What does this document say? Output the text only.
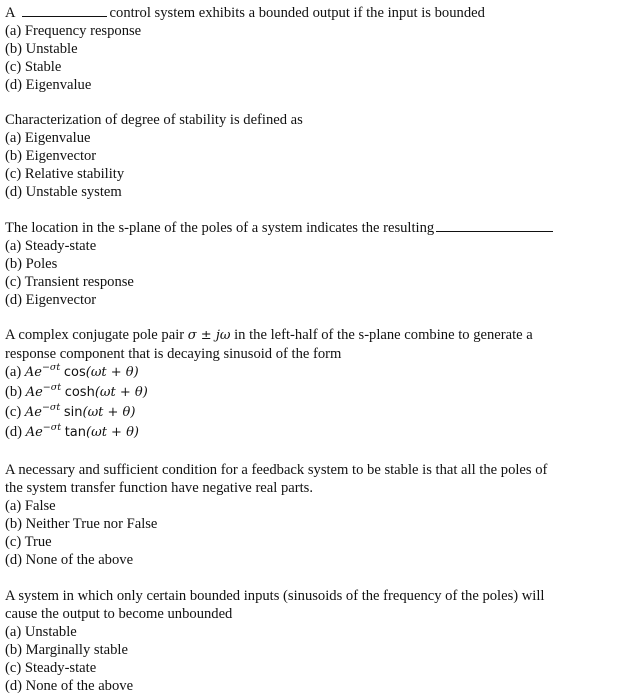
A	control system exhibits a bounded output if the input is bounded
(a) Frequency response
(b) Unstable
(c) Stable
(d) Eigenvalue
Characterization of degree of stability is defined as
(a) Eigenvalue
(b) Eigenvector
(c) Relative stability
(d) Unstable system
The location in the s-plane of the poles of a system indicates the resulting
(a) Steady-state
(b) Poles
(c) Transient response
(d) Eigenvector
A complex conjugate pole pair σ ± jω in the left-half of the s-plane combine to generate a
response component that is decaying sinusoid of the form
(a) $Ae^{-\sigma t}$ cos(ωt + θ)
(b) $Ae^{-\sigma t}$ cosh(ωt + θ)
(c) $Ae^{-\sigma t}$ sin(ωt + θ)
(d) $Ae^{-\sigma t}$ tan(ωt + θ)
A necessary and sufficient condition for a feedback system to be stable is that all the poles of
the system transfer function have negative real parts.
(a) False
(b) Neither True nor False
(c) True
(d) None of the above
A system in which only certain bounded inputs (sinusoids of the frequency of the poles) will
cause the output to become unbounded
(a) Unstable
(b) Marginally stable
(c) Steady-state
(d) None of the above
